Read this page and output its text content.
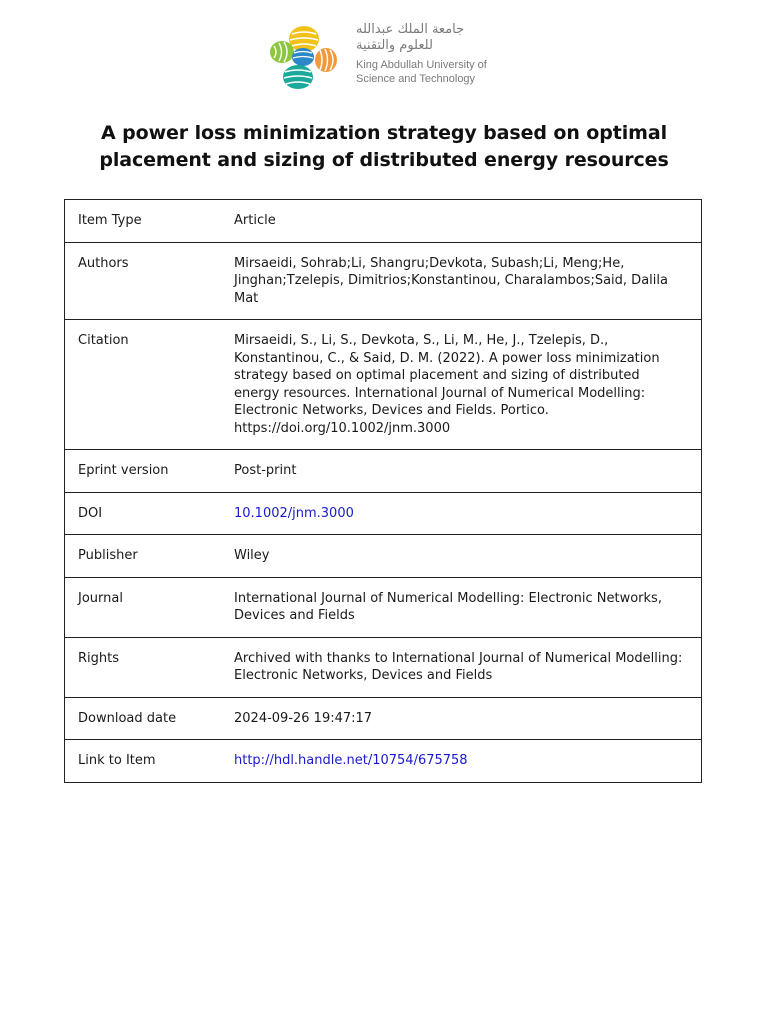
جامعة الملك عبدالله
للعلوم والتقنية
King Abdullah University of
Science and Technology
A power loss minimization strategy based on optimal
placement and sizing of distributed energy resources
Item Type	Article
Authors	Mirsaeidi, Sohrab;Li, Shangru;Devkota, Subash;Li, Meng;He, Jinghan;Tzelepis, Dimitrios;Konstantinou, Charalambos;Said, Dalila Mat
Citation	Mirsaeidi, S., Li, S., Devkota, S., Li, M., He, J., Tzelepis, D., Konstantinou, C., & Said, D. M. (2022). A power loss minimization strategy based on optimal placement and sizing of distributed energy resources. International Journal of Numerical Modelling: Electronic Networks, Devices and Fields. Portico. https://doi.org/10.1002/jnm.3000
Eprint version	Post-print
DOI	10.1002/jnm.3000
Publisher	Wiley
Journal	International Journal of Numerical Modelling: Electronic Networks, Devices and Fields
Rights	Archived with thanks to International Journal of Numerical Modelling: Electronic Networks, Devices and Fields
Download date	2024-09-26 19:47:17
Link to Item	http://hdl.handle.net/10754/675758
